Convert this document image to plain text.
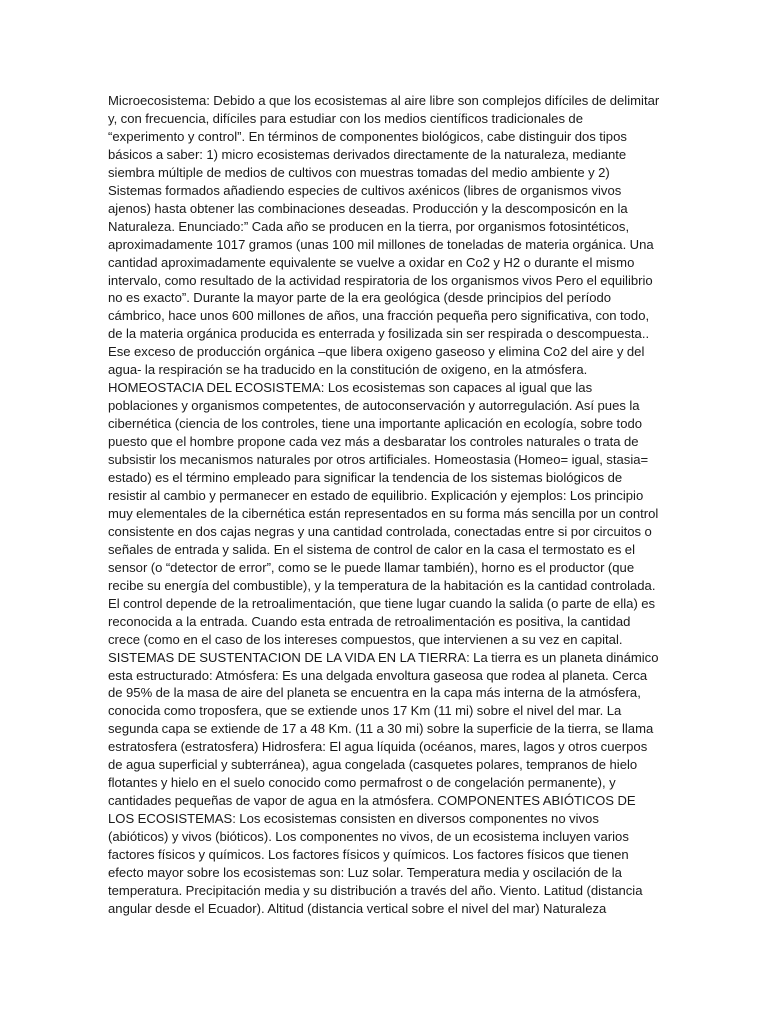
Microecosistema: Debido a que los ecosistemas al aire libre son complejos difíciles de delimitar y, con frecuencia, difíciles para estudiar con los medios científicos tradicionales de “experimento y control”. En términos de componentes biológicos, cabe distinguir dos tipos básicos a saber: 1) micro ecosistemas derivados directamente de la naturaleza, mediante siembra múltiple de medios de cultivos con muestras tomadas del medio ambiente y 2) Sistemas formados añadiendo especies de cultivos axénicos (libres de organismos vivos ajenos) hasta obtener las combinaciones deseadas. Producción y la descomposicón en la Naturaleza. Enunciado:” Cada año se producen en la tierra, por organismos fotosintéticos, aproximadamente 1017 gramos (unas 100 mil millones de toneladas de materia orgánica. Una cantidad aproximadamente equivalente se vuelve a oxidar en Co2 y H2 o durante el mismo intervalo, como resultado de la actividad respiratoria de los organismos vivos Pero el equilibrio no es exacto”. Durante la mayor parte de la era geológica (desde principios del período cámbrico, hace unos 600 millones de años, una fracción pequeña pero significativa, con todo, de la materia orgánica producida es enterrada y fosilizada sin ser respirada o descompuesta.. Ese exceso de producción orgánica –que libera oxigeno gaseoso y elimina Co2 del aire y del agua- la respiración se ha traducido en la constitución de oxigeno, en la atmósfera. HOMEOSTACIA DEL ECOSISTEMA: Los ecosistemas son capaces al igual que las poblaciones y organismos competentes, de autoconservación y autorregulación. Así pues la cibernética (ciencia de los controles, tiene una importante aplicación en ecología, sobre todo puesto que el hombre propone cada vez más a desbaratar los controles naturales o trata de subsistir los mecanismos naturales por otros artificiales. Homeostasia (Homeo= igual, stasia= estado) es el término empleado para significar la tendencia de los sistemas biológicos de resistir al cambio y permanecer en estado de equilibrio. Explicación y ejemplos: Los principio muy elementales de la cibernética están representados en su forma más sencilla por un control consistente en dos cajas negras y una cantidad controlada, conectadas entre si por circuitos o señales de entrada y salida. En el sistema de control de calor en la casa el termostato es el sensor (o “detector de error”, como se le puede llamar también), horno es el productor (que recibe su energía del combustible), y la temperatura de la habitación es la cantidad controlada. El control depende de la retroalimentación, que tiene lugar cuando la salida (o parte de ella) es reconocida a la entrada. Cuando esta entrada de retroalimentación es positiva, la cantidad crece (como en el caso de los intereses compuestos, que intervienen a su vez en capital. SISTEMAS DE SUSTENTACION DE LA VIDA EN LA TIERRA: La tierra es un planeta dinámico esta estructurado: Atmósfera: Es una delgada envoltura gaseosa que rodea al planeta. Cerca de 95% de la masa de aire del planeta se encuentra en la capa más interna de la atmósfera, conocida como troposfera, que se extiende unos 17 Km (11 mi) sobre el nivel del mar. La segunda capa se extiende de 17 a 48 Km. (11 a 30 mi) sobre la superficie de la tierra, se llama estratosfera (estratosfera) Hidrosfera: El agua líquida (océanos, mares, lagos y otros cuerpos de agua superficial y subterránea), agua congelada (casquetes polares, tempranos de hielo flotantes y hielo en el suelo conocido como permafrost o de congelación permanente), y cantidades pequeñas de vapor de agua en la atmósfera. COMPONENTES ABIÓTICOS DE LOS ECOSISTEMAS: Los ecosistemas consisten en diversos componentes no vivos (abióticos) y vivos (bióticos). Los componentes no vivos, de un ecosistema incluyen varios factores físicos y químicos. Los factores físicos y químicos. Los factores físicos que tienen efecto mayor sobre los ecosistemas son: Luz solar. Temperatura media y oscilación de la temperatura. Precipitación media y su distribución a través del año. Viento. Latitud (distancia angular desde el Ecuador). Altitud (distancia vertical sobre el nivel del mar) Naturaleza
